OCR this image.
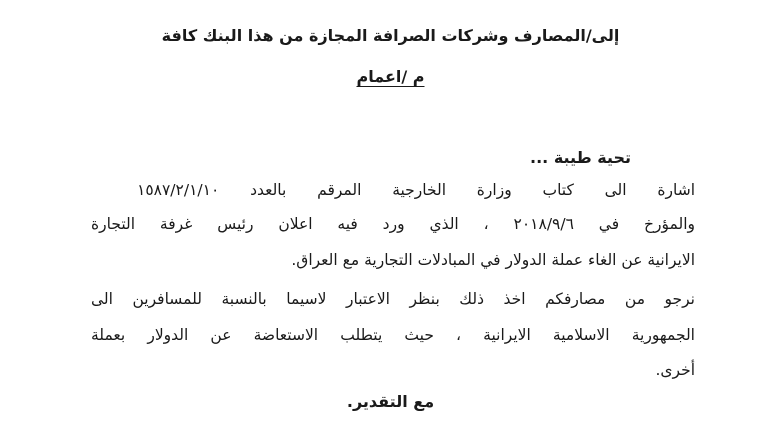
إلى/المصارف وشركات الصرافة المجازة من هذا البنك كافة
م /اعمام
تحية طيبة ...
اشارة الى كتاب وزارة الخارجية المرقم بالعدد ١٥٨٧/٢/١/١٠
والمؤرخ في ٢٠١٨/٩/٦ ، الذي ورد فيه اعلان رئيس غرفة التجارة
الايرانية عن الغاء عملة الدولار في المبادلات التجارية مع العراق.
نرجو من مصارفكم اخذ ذلك بنظر الاعتبار لاسيما بالنسبة للمسافرين الى
الجمهورية الاسلامية الايرانية ، حيث يتطلب الاستعاضة عن الدولار بعملة
أخرى.
مع التقدير.
